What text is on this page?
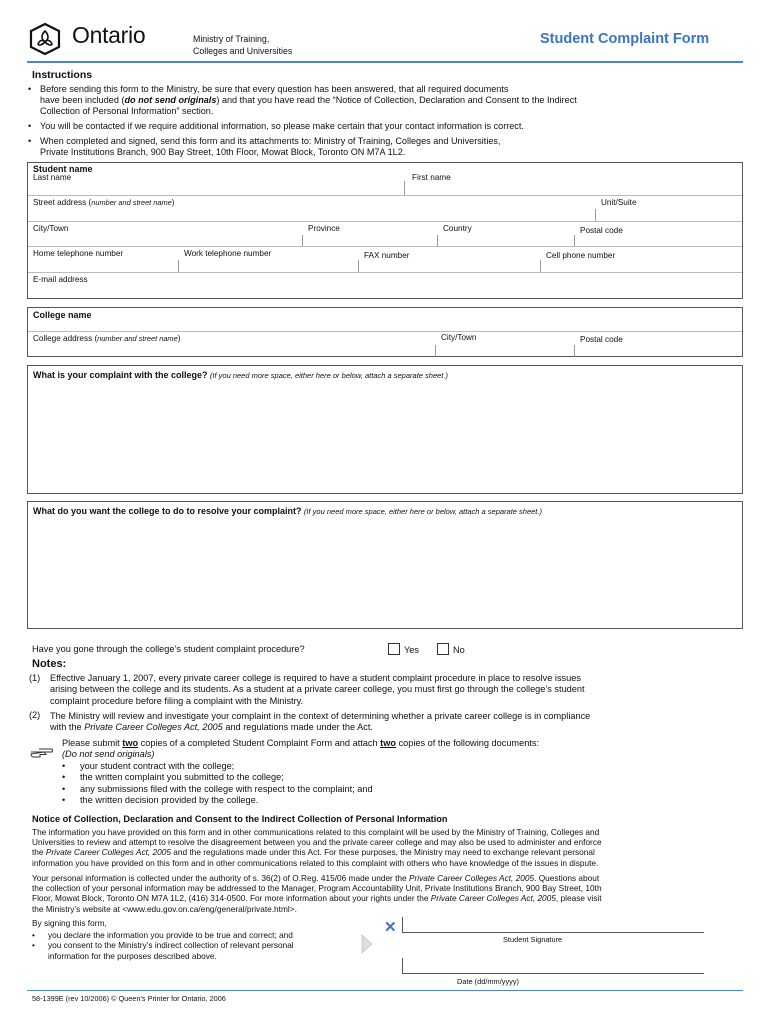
Ontario	Ministry of Training,
Colleges and Universities
Student Complaint Form
Instructions
• Before sending this form to the Ministry, be sure that every question has been answered, that all required documents
have been included (do not send originals) and that you have read the “Notice of Collection, Declaration and Consent to the Indirect
Collection of Personal Information” section.
• You will be contacted if we require additional information, so please make certain that your contact information is correct.
• When completed and signed, send this form and its attachments to: Ministry of Training, Colleges and Universities,
Private Institutions Branch, 900 Bay Street, 10th Floor, Mowat Block, Toronto ON M7A 1L2.
Student name
Last name	First name
Street address (number and street name)	Unit/Suite
City/Town	Province	Country	Postal code
Home telephone number	Work telephone number	FAX number	Cell phone number
E-mail address
College name
College address (number and street name)	City/Town	Postal code
What is your complaint with the college? (If you need more space, either here or below, attach a separate sheet.)
What do you want the college to do to resolve your complaint? (If you need more space, either here or below, attach a separate sheet.)
Have you gone through the college’s student complaint procedure?	Yes	No
Notes:
(1) Effective January 1, 2007, every private career college is required to have a student complaint procedure in place to resolve issues
arising between the college and its students. As a student at a private career college, you must first go through the college’s student
complaint procedure before filing a complaint with the Ministry.
(2) The Ministry will review and investigate your complaint in the context of determining whether a private career college is in compliance
with the Private Career Colleges Act, 2005 and regulations made under the Act.
Please submit two copies of a completed Student Complaint Form and attach two copies of the following documents:
(Do not send originals)
• your student contract with the college;
• the written complaint you submitted to the college;
• any submissions filed with the college with respect to the complaint; and
• the written decision provided by the college.
Notice of Collection, Declaration and Consent to the Indirect Collection of Personal Information
The information you have provided on this form and in other communications related to this complaint will be used by the Ministry of Training, Colleges and
Universities to review and attempt to resolve the disagreement between you and the private career college and may also be used to administer and enforce
the Private Career Colleges Act, 2005 and the regulations made under this Act. For these purposes, the Ministry may need to exchange relevant personal
information you have provided on this form and in other communications related to this complaint with others who have knowledge of the issues in dispute.
Your personal information is collected under the authority of s. 36(2) of O.Reg. 415/06 made under the Private Career Colleges Act, 2005. Questions about
the collection of your personal information may be addressed to the Manager, Program Accountability Unit, Private Institutions Branch, 900 Bay Street, 10th
Floor, Mowat Block, Toronto ON M7A 1L2, (416) 314-0500. For more information about your rights under the Private Career Colleges Act, 2005, please visit
the Ministry’s website at <www.edu.gov.on.ca/eng/general/private.html>.
By signing this form,
• you declare the information you provide to be true and correct; and
• you consent to the Ministry’s indirect collection of relevant personal
information for the purposes described above.
✕
Student Signature
Date (dd/mm/yyyy)
58-1399E (rev 10/2006) © Queen’s Printer for Ontario, 2006
